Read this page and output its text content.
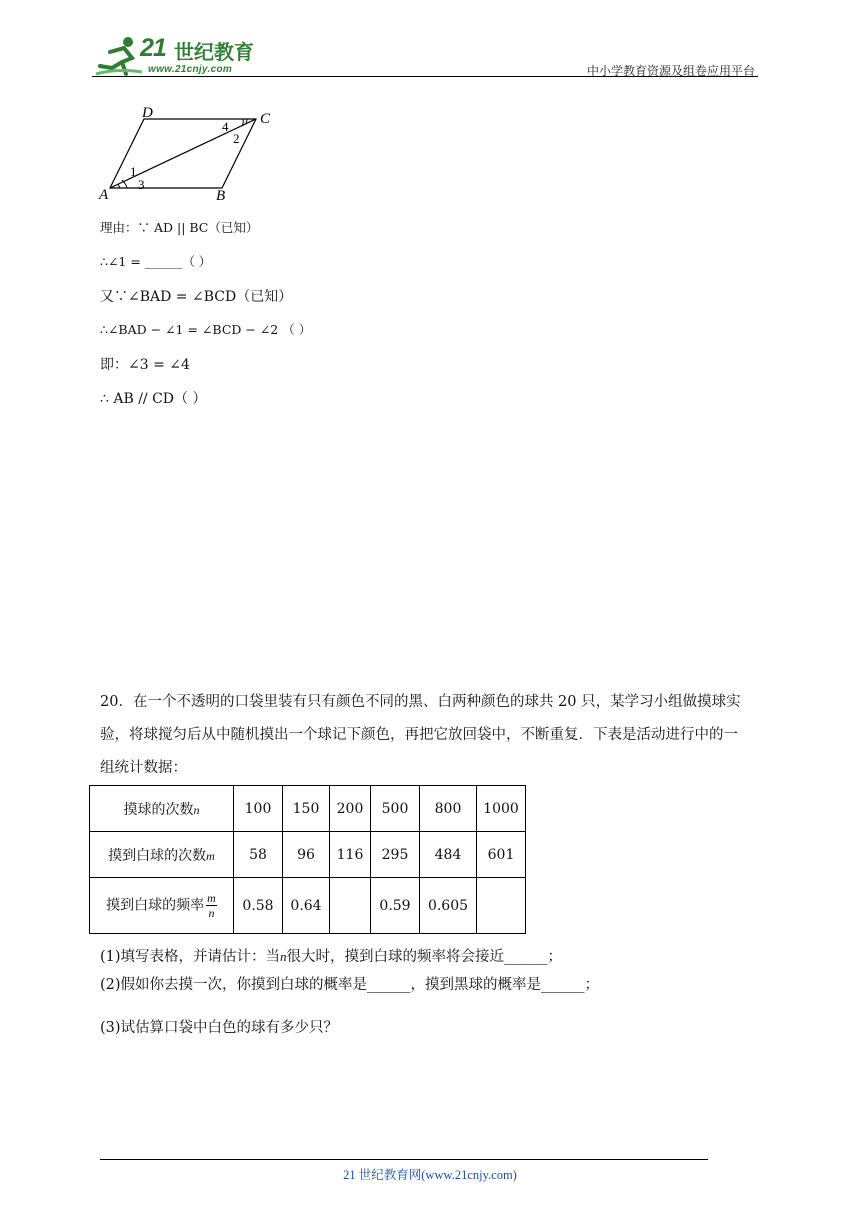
21 世纪教育
www.21cnjy.com	中小学教育资源及组卷应用平台
A	B
C
D
1
3
2
4
理由：∵ AD || BC（已知）
∴∠1 = ______（ ）
又∵∠BAD = ∠BCD（已知）
∴∠BAD − ∠1 = ∠BCD − ∠2 （ ）
即：∠3 = ∠4
∴ AB // CD（ ）
20．在一个不透明的口袋里装有只有颜色不同的黑、白两种颜色的球共 20 只，某学习小组做摸球实
验，将球搅匀后从中随机摸出一个球记下颜色，再把它放回袋中，不断重复．下表是活动进行中的一
组统计数据：
摸球的次数n	100	150	200	500	800	1000
摸到白球的次数m	58	96	116	295	484	601
摸到白球的频率 $\frac{m}{n}$	0.58	0.64		0.59	0.605	
(1)填写表格，并请估计：当n很大时，摸到白球的频率将会接近______；
(2)假如你去摸一次，你摸到白球的概率是______，摸到黑球的概率是______；
(3)试估算口袋中白色的球有多少只？
21 世纪教育网(www.21cnjy.com)
